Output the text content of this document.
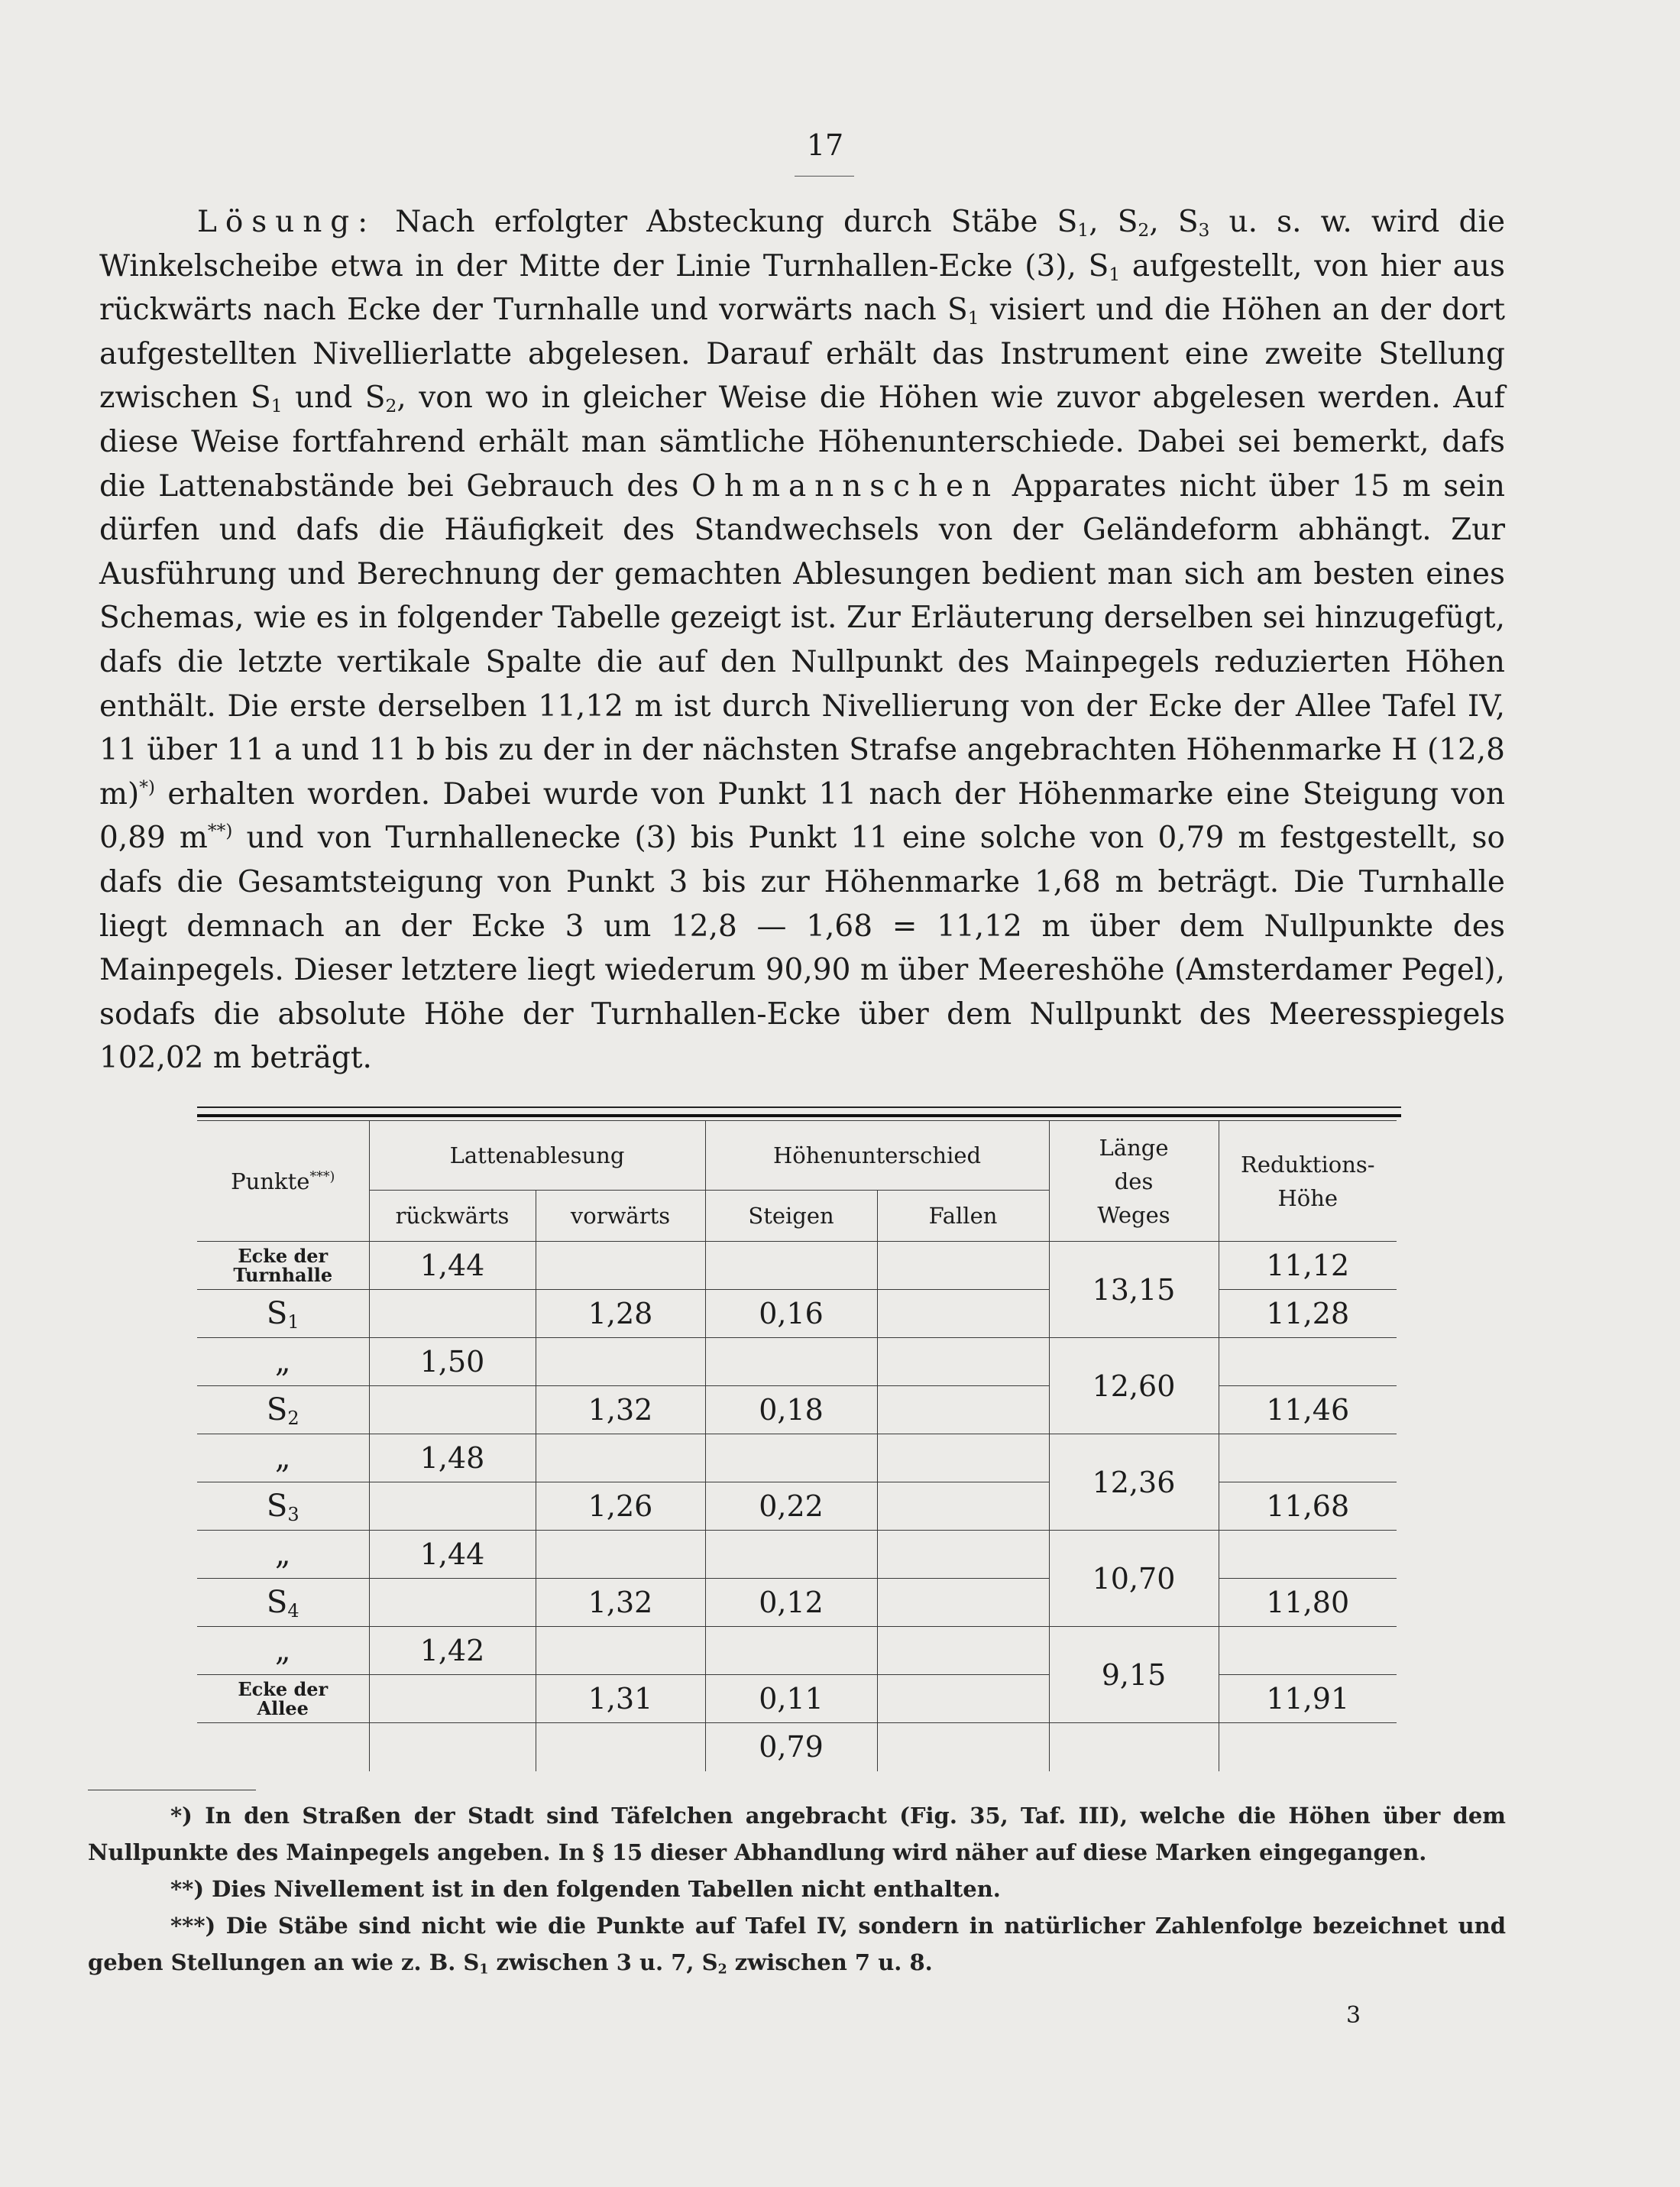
17

Lösung: Nach erfolgter Absteckung durch Stäbe $S_1$, $S_2$, $S_3$ u. s. w. wird die Winkelscheibe etwa in der Mitte der Linie Turnhallen-Ecke (3), $S_1$ aufgestellt, von hier aus rückwärts nach Ecke der Turnhalle und vorwärts nach $S_1$ visiert und die Höhen an der dort aufgestellten Nivellierlatte abgelesen. Darauf erhält das Instrument eine zweite Stellung zwischen $S_1$ und $S_2$, von wo in gleicher Weise die Höhen wie zuvor abgelesen werden. Auf diese Weise fortfahrend erhält man sämtliche Höhenunterschiede. Dabei sei bemerkt, dafs die Lattenabstände bei Gebrauch des Ohmannschen Apparates nicht über 15 m sein dürfen und dafs die Häufigkeit des Standwechsels von der Geländeform abhängt. Zur Ausführung und Berechnung der gemachten Ablesungen bedient man sich am besten eines Schemas, wie es in folgender Tabelle gezeigt ist. Zur Erläuterung derselben sei hinzugefügt, dafs die letzte vertikale Spalte die auf den Nullpunkt des Mainpegels reduzierten Höhen enthält. Die erste derselben 11,12 m ist durch Nivellierung von der Ecke der Allee Tafel IV, 11 über 11 a und 11 b bis zu der in der nächsten Strafse angebrachten Höhenmarke H (12,8 m)*) erhalten worden. Dabei wurde von Punkt 11 nach der Höhenmarke eine Steigung von 0,89 m**) und von Turnhallenecke (3) bis Punkt 11 eine solche von 0,79 m festgestellt, so dafs die Gesamtsteigung von Punkt 3 bis zur Höhenmarke 1,68 m beträgt. Die Turnhalle liegt demnach an der Ecke 3 um 12,8 — 1,68 = 11,12 m über dem Nullpunkte des Mainpegels. Dieser letztere liegt wiederum 90,90 m über Meereshöhe (Amsterdamer Pegel), sodafs die absolute Höhe der Turnhallen-Ecke über dem Nullpunkt des Meeresspiegels 102,02 m beträgt.

Punkte***)	Lattenablesung		Höhenunterschied		Länge des Weges	Reduktions-Höhe
	rückwärts	vorwärts	Steigen	Fallen		
Ecke der Turnhalle	1,44				13,15	11,12
$S_1$		1,28	0,16			11,28
„	1,50				12,60	
$S_2$		1,32	0,18			11,46
„	1,48				12,36	
$S_3$		1,26	0,22			11,68
„	1,44				10,70	
$S_4$		1,32	0,12			11,80
„	1,42				9,15	
Ecke der Allee		1,31	0,11			11,91
			0,79			

*) In den Straßen der Stadt sind Täfelchen angebracht (Fig. 35, Taf. III), welche die Höhen über dem Nullpunkte des Mainpegels angeben. In § 15 dieser Abhandlung wird näher auf diese Marken eingegangen.

**) Dies Nivellement ist in den folgenden Tabellen nicht enthalten.

***) Die Stäbe sind nicht wie die Punkte auf Tafel IV, sondern in natürlicher Zahlenfolge bezeichnet und geben Stellungen an wie z. B. $S_1$ zwischen 3 u. 7, $S_2$ zwischen 7 u. 8.

3
